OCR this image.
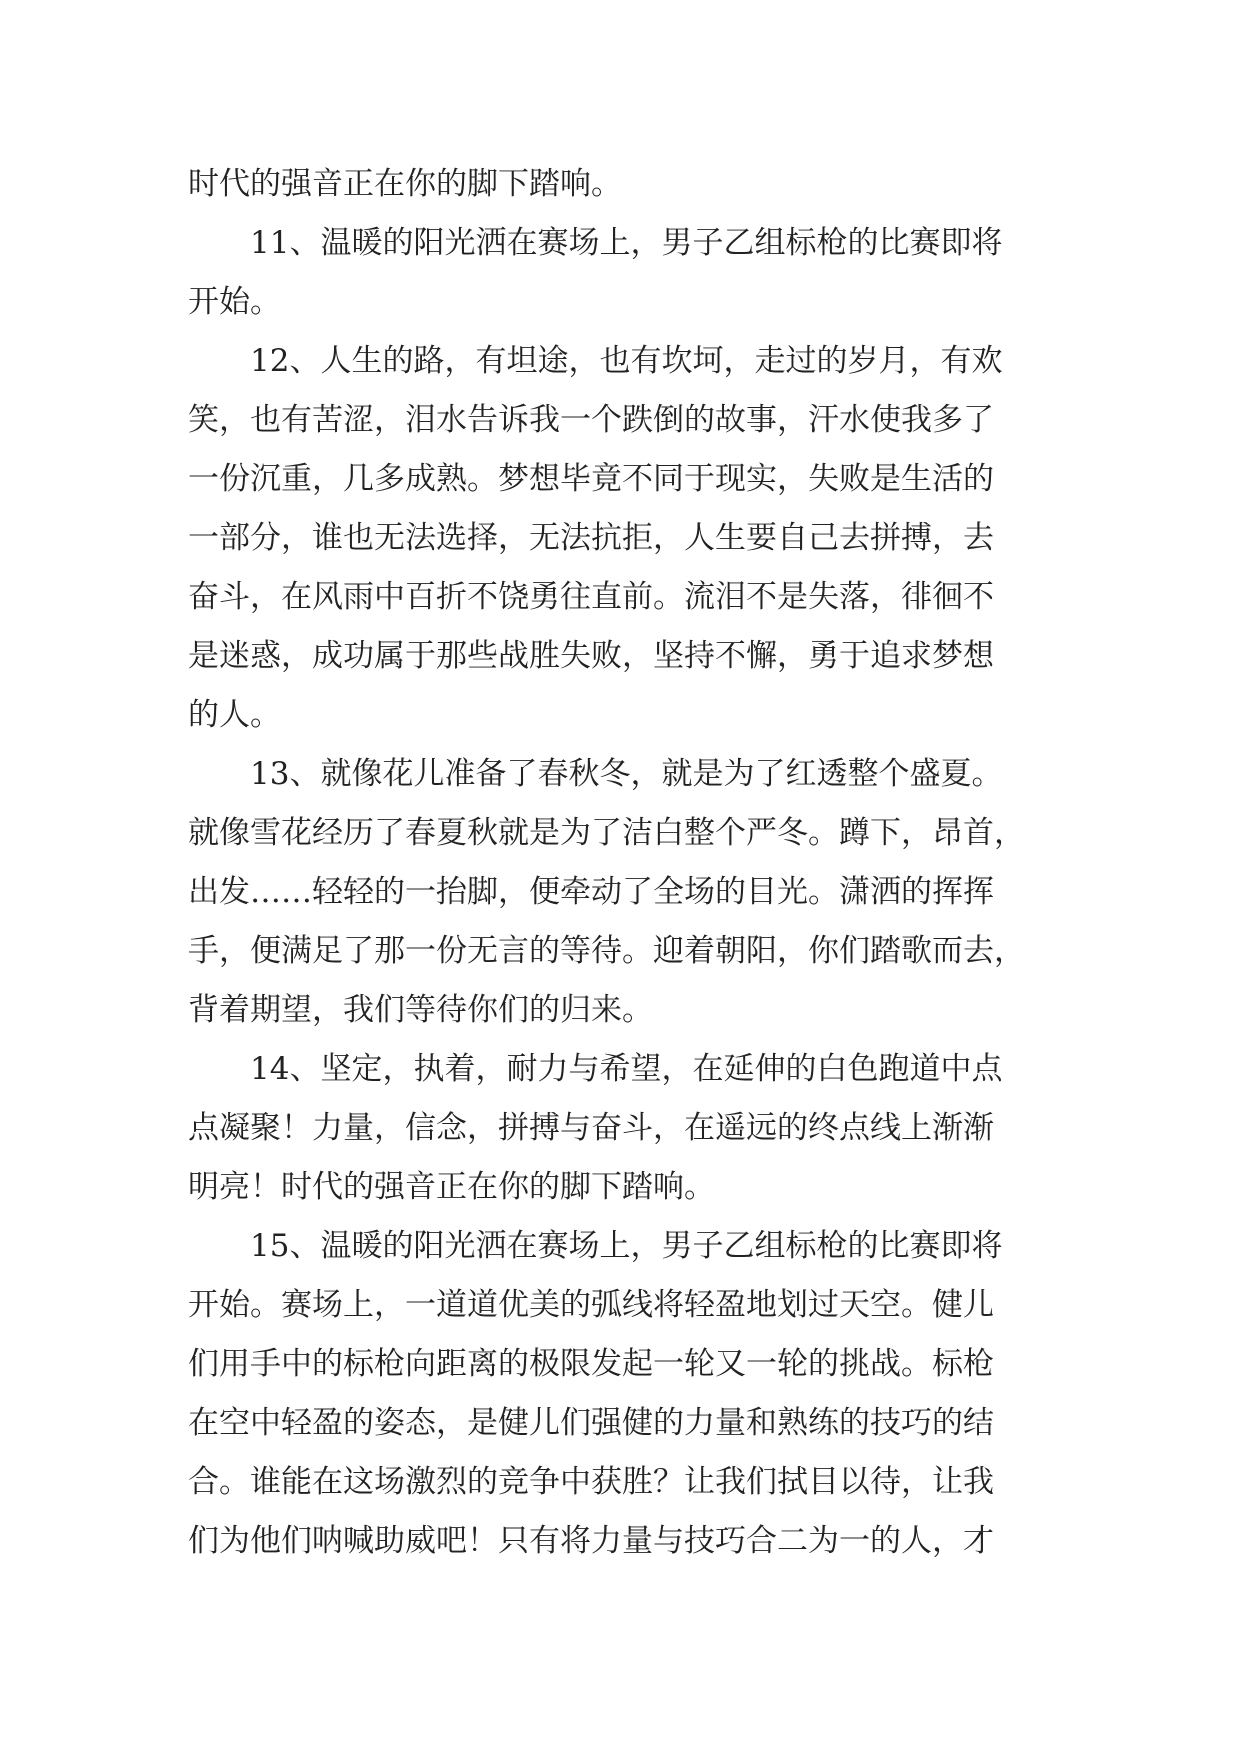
时代的强音正在你的脚下踏响。
11、温暖的阳光洒在赛场上，男子乙组标枪的比赛即将
开始。
12、人生的路，有坦途，也有坎坷，走过的岁月，有欢
笑，也有苦涩，泪水告诉我一个跌倒的故事，汗水使我多了
一份沉重，几多成熟。梦想毕竟不同于现实，失败是生活的
一部分，谁也无法选择，无法抗拒，人生要自己去拼搏，去
奋斗，在风雨中百折不饶勇往直前。流泪不是失落，徘徊不
是迷惑，成功属于那些战胜失败，坚持不懈，勇于追求梦想
的人。
13、就像花儿准备了春秋冬，就是为了红透整个盛夏。
就像雪花经历了春夏秋就是为了洁白整个严冬。蹲下，昂首，
出发……轻轻的一抬脚，便牵动了全场的目光。潇洒的挥挥
手，便满足了那一份无言的等待。迎着朝阳，你们踏歌而去，
背着期望，我们等待你们的归来。
14、坚定，执着，耐力与希望，在延伸的白色跑道中点
点凝聚！力量，信念，拼搏与奋斗，在遥远的终点线上渐渐
明亮！时代的强音正在你的脚下踏响。
15、温暖的阳光洒在赛场上，男子乙组标枪的比赛即将
开始。赛场上，一道道优美的弧线将轻盈地划过天空。健儿
们用手中的标枪向距离的极限发起一轮又一轮的挑战。标枪
在空中轻盈的姿态，是健儿们强健的力量和熟练的技巧的结
合。谁能在这场激烈的竞争中获胜？让我们拭目以待，让我
们为他们呐喊助威吧！只有将力量与技巧合二为一的人，才
